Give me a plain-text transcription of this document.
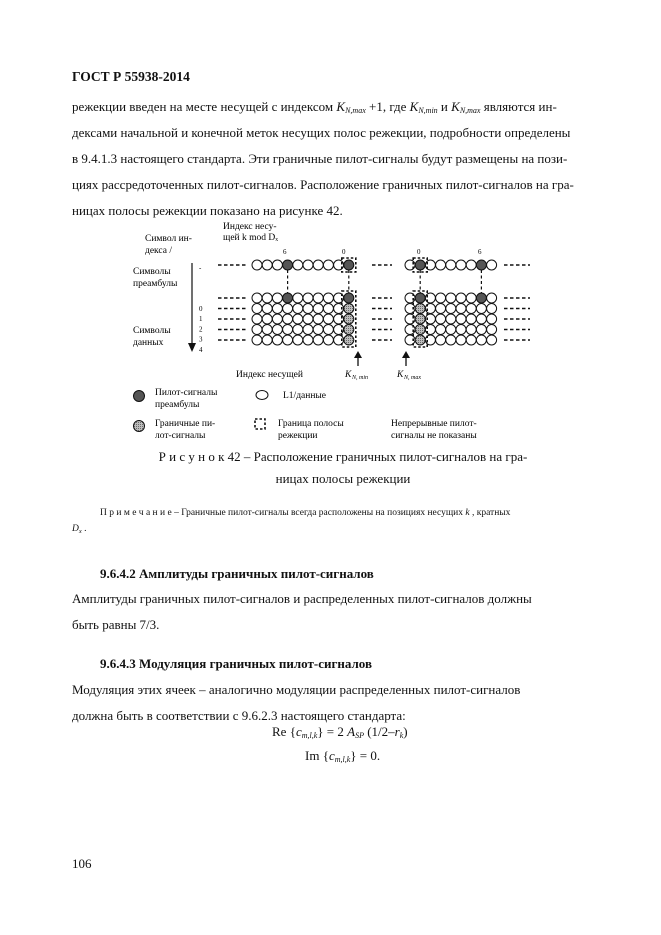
ГОСТ Р 55938-2014
режекции введен на месте несущей с индексом $K_{N,max} +1$, где $K_{N,min}$ и $K_{N,max}$ являются ин-
дексами начальной и конечной меток несущих полос режекции, подробности определены
в 9.4.1.3 настоящего стандарта. Эти граничные пилот-сигналы будут размещены на пози-
циях рассредоточенных пилот-сигналов. Расположение граничных пилот-сигналов на гра-
ницах полосы режекции показано на рисунке 42.
Индекс несу-
щей k mod Dₓ
Символ ин-
декса /
Символы
преамбулы
Символы
данных
-
0
1
2
3
4
6	0	0	6
Индекс несущей	K N, min	K N, max
Пилот-сигналы
преамбулы
L1/данные
Граничные пи-
лот-сигналы
Граница полосы
режекции
Непрерывные пилот-
сигналы не показаны
Р и с у н о к 42 – Расположение граничных пилот-сигналов на гра-
ницах полосы режекции
П р и м е ч а н и е – Граничные пилот-сигналы всегда расположены на позициях несущих k , кратных
$D_x$ .
9.6.4.2 Амплитуды граничных пилот-сигналов
Амплитуды граничных пилот-сигналов и распределенных пилот-сигналов должны
быть равны 7/3.
9.6.4.3 Модуляция граничных пилот-сигналов
Модуляция этих ячеек – аналогично модуляции распределенных пилот-сигналов
должна быть в соответствии с 9.6.2.3 настоящего стандарта:
Re $\{c_{m,l,k}\} = 2$ $A_{SP}$ $(1/2-r_k)$
Im $\{c_{m,l,k}\} = 0$.
106
